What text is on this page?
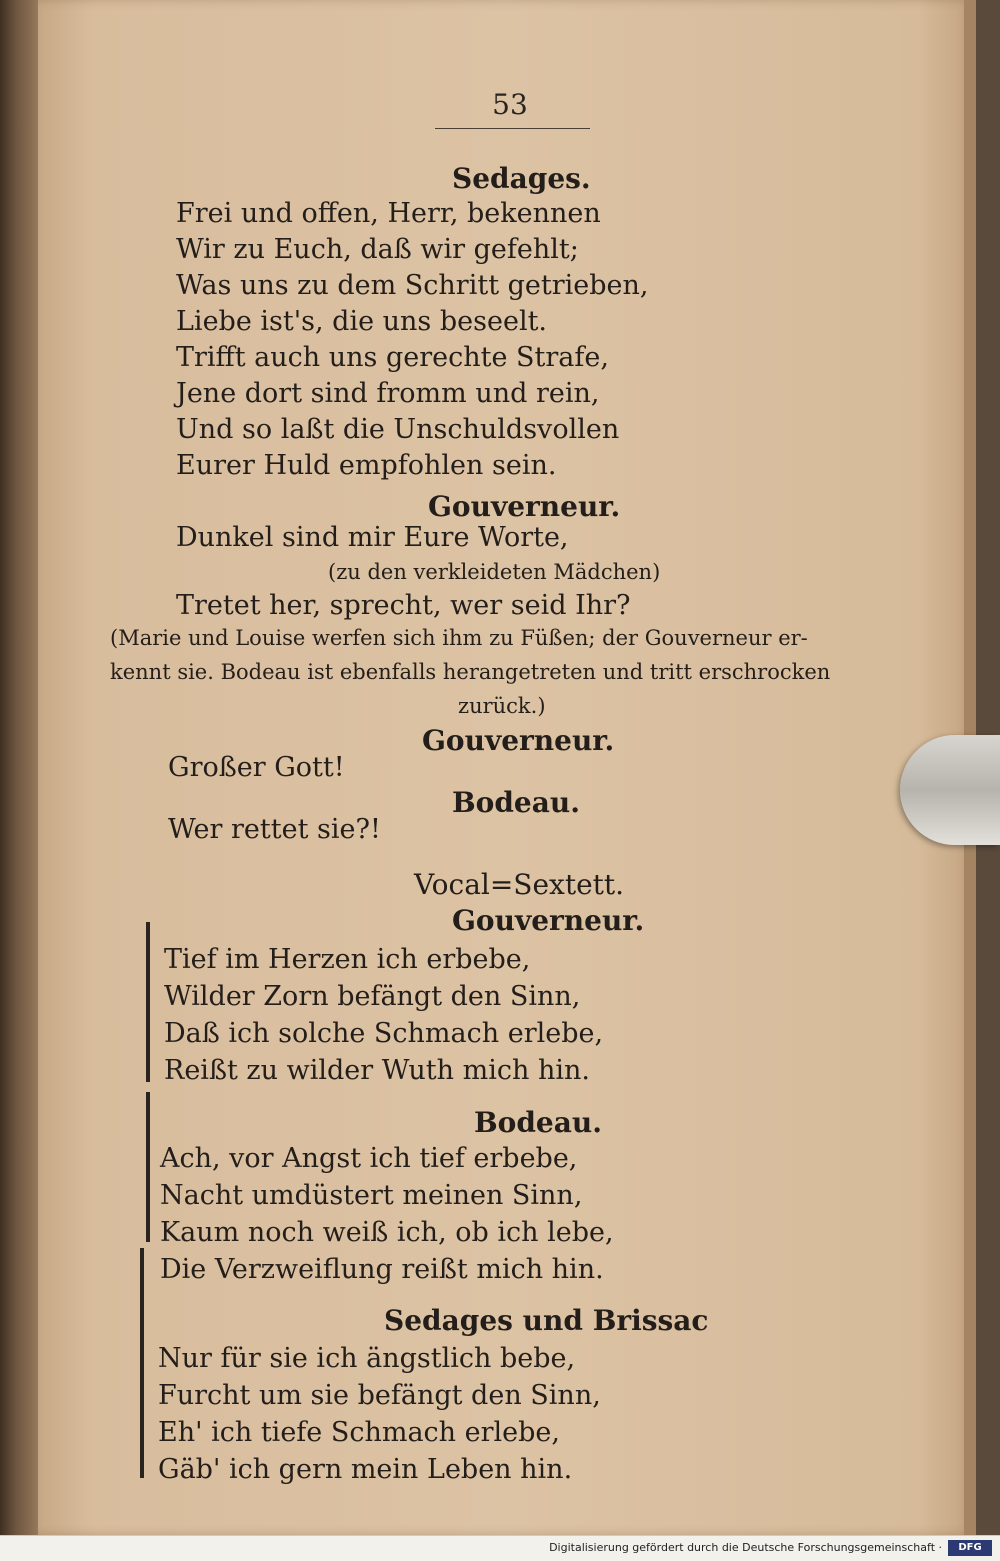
53
Sedages.
Frei und offen, Herr, bekennen
Wir zu Euch, daß wir gefehlt;
Was uns zu dem Schritt getrieben,
Liebe ist's, die uns beseelt.
Trifft auch uns gerechte Strafe,
Jene dort sind fromm und rein,
Und so laßt die Unschuldsvollen
Eurer Huld empfohlen sein.
Gouverneur.
Dunkel sind mir Eure Worte,
(zu den verkleideten Mädchen)
Tretet her, sprecht, wer seid Ihr?
(Marie und Louise werfen sich ihm zu Füßen; der Gouverneur er-
kennt sie. Bodeau ist ebenfalls herangetreten und tritt erschrocken
zurück.)
Gouverneur.
Großer Gott!
Bodeau.
Wer rettet sie?!
Vocal=Sextett.
Gouverneur.
Tief im Herzen ich erbebe,
Wilder Zorn befängt den Sinn,
Daß ich solche Schmach erlebe,
Reißt zu wilder Wuth mich hin.
Bodeau.
Ach, vor Angst ich tief erbebe,
Nacht umdüstert meinen Sinn,
Kaum noch weiß ich, ob ich lebe,
Die Verzweiflung reißt mich hin.
Sedages und Brissac
Nur für sie ich ängstlich bebe,
Furcht um sie befängt den Sinn,
Eh' ich tiefe Schmach erlebe,
Gäb' ich gern mein Leben hin.
Digitalisierung gefördert durch die Deutsche Forschungsgemeinschaft ·	DFG
